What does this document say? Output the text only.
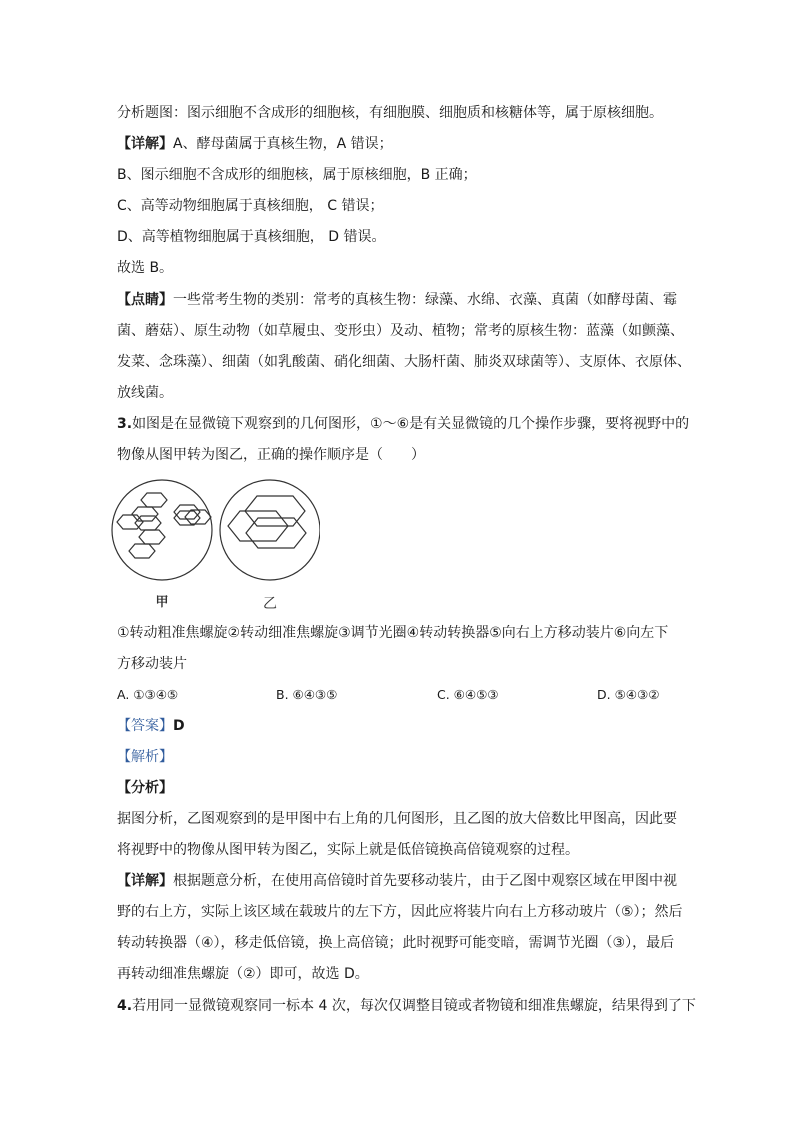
分析题图：图示细胞不含成形的细胞核，有细胞膜、细胞质和核糖体等，属于原核细胞。
【详解】A、酵母菌属于真核生物，A 错误；
B、图示细胞不含成形的细胞核，属于原核细胞，B 正确；
C、高等动物细胞属于真核细胞， C 错误；
D、高等植物细胞属于真核细胞， D 错误。
故选 B。
【点睛】一些常考生物的类别：常考的真核生物：绿藻、水绵、衣藻、真菌（如酵母菌、霉
菌、蘑菇）、原生动物（如草履虫、变形虫）及动、植物；常考的原核生物：蓝藻（如颤藻、
发菜、念珠藻）、细菌（如乳酸菌、硝化细菌、大肠杆菌、肺炎双球菌等）、支原体、衣原体、
放线菌。
3.如图是在显微镜下观察到的几何图形，①～⑥是有关显微镜的几个操作步骤，要将视野中的
物像从图甲转为图乙，正确的操作顺序是（　　）
甲	乙
①转动粗准焦螺旋②转动细准焦螺旋③调节光圈④转动转换器⑤向右上方移动装片⑥向左下
方移动装片
A. ①③④⑤	B. ⑥④③⑤	C. ⑥④⑤③	D. ⑤④③②
【答案】D
【解析】
【分析】
据图分析，乙图观察到的是甲图中右上角的几何图形，且乙图的放大倍数比甲图高，因此要
将视野中的物像从图甲转为图乙，实际上就是低倍镜换高倍镜观察的过程。
【详解】根据题意分析，在使用高倍镜时首先要移动装片，由于乙图中观察区域在甲图中视
野的右上方，实际上该区域在载玻片的左下方，因此应将装片向右上方移动玻片（⑤）；然后
转动转换器（④），移走低倍镜，换上高倍镜；此时视野可能变暗，需调节光圈（③），最后
再转动细准焦螺旋（②）即可，故选 D。
4.若用同一显微镜观察同一标本 4 次，每次仅调整目镜或者物镜和细准焦螺旋，结果得到了下
